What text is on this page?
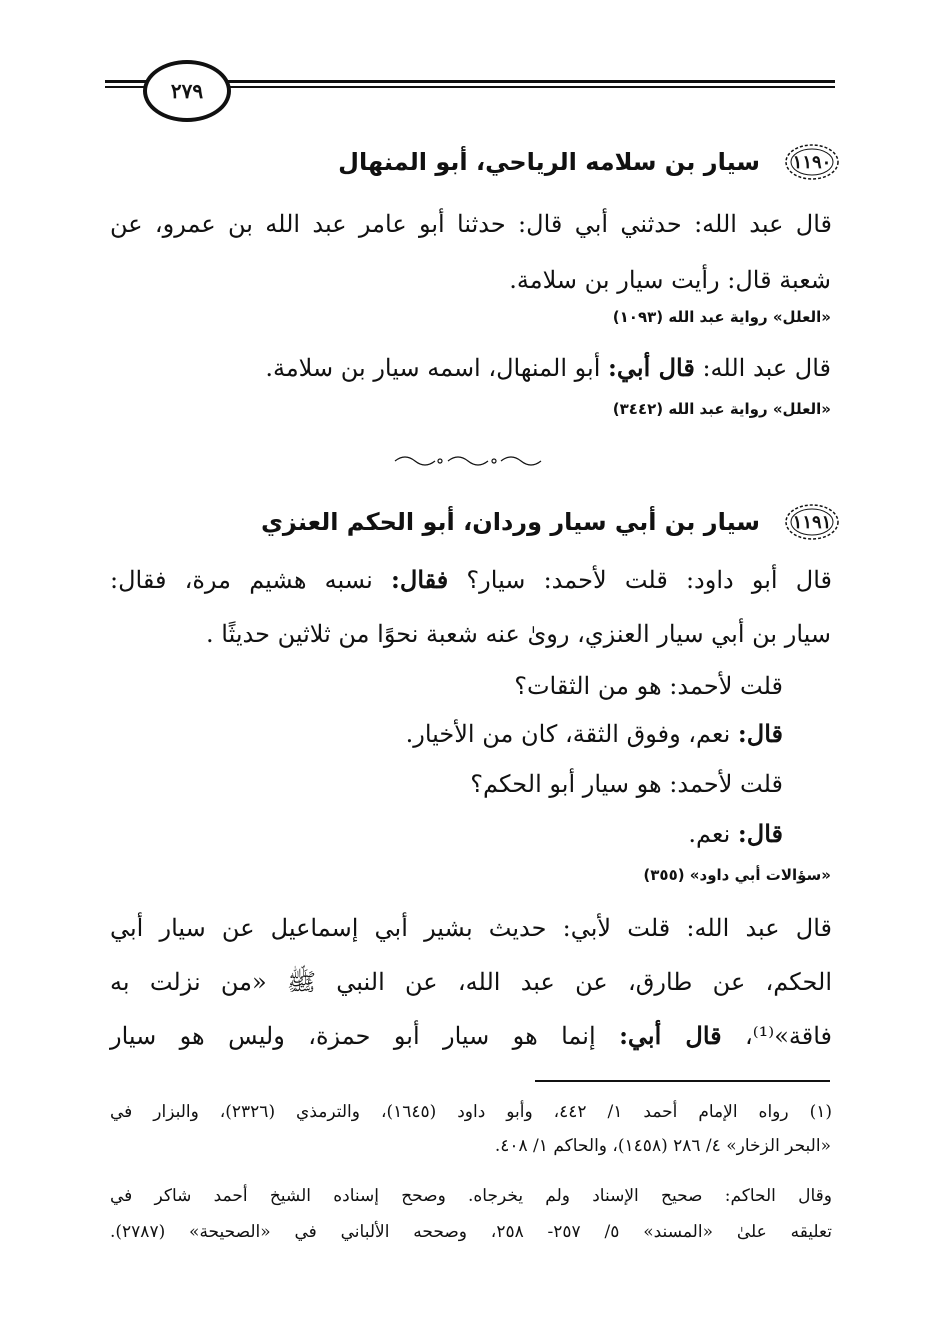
٢٧٩
١١٩٠
سيار بن سلامه الرياحي، أبو المنهال
قال عبد الله: حدثني أبي قال: حدثنا أبو عامر عبد الله بن عمرو، عن
شعبة قال: رأيت سيار بن سلامة.
«العلل» رواية عبد الله (١٠٩٣)
قال عبد الله: قال أبي: أبو المنهال، اسمه سيار بن سلامة.
«العلل» رواية عبد الله (٣٤٤٢)
١١٩١
سيار بن أبي سيار وردان، أبو الحكم العنزي
قال أبو داود: قلت لأحمد: سيار؟ فقال: نسبه هشيم مرة، فقال:
سيار بن أبي سيار العنزي، روىٰ عنه شعبة نحوًا من ثلاثين حديثًا .
قلت لأحمد: هو من الثقات؟
قال: نعم، وفوق الثقة، كان من الأخيار.
قلت لأحمد: هو سيار أبو الحكم؟
قال: نعم.
«سؤالات أبي داود» (٣٥٥)
قال عبد الله: قلت لأبي: حديث بشير أبي إسماعيل عن سيار أبي
الحكم، عن طارق، عن عبد الله، عن النبي ﷺ «من نزلت به
فاقة»⁽¹⁾، قال أبي: إنما هو سيار أبو حمزة، وليس هو سيار
(١) رواه الإمام أحمد ١/ ٤٤٢، وأبو داود (١٦٤٥)، والترمذي (٢٣٢٦)، والبزار في
«البحر الزخار» ٤/ ٢٨٦ (١٤٥٨)، والحاكم ١/ ٤٠٨.
وقال الحاكم: صحيح الإسناد ولم يخرجاه. وصحح إسناده الشيخ أحمد شاكر في
تعليقه علىٰ «المسند» ٥/ ٢٥٧- ٢٥٨، وصححه الألباني في «الصحيحة» (٢٧٨٧).
